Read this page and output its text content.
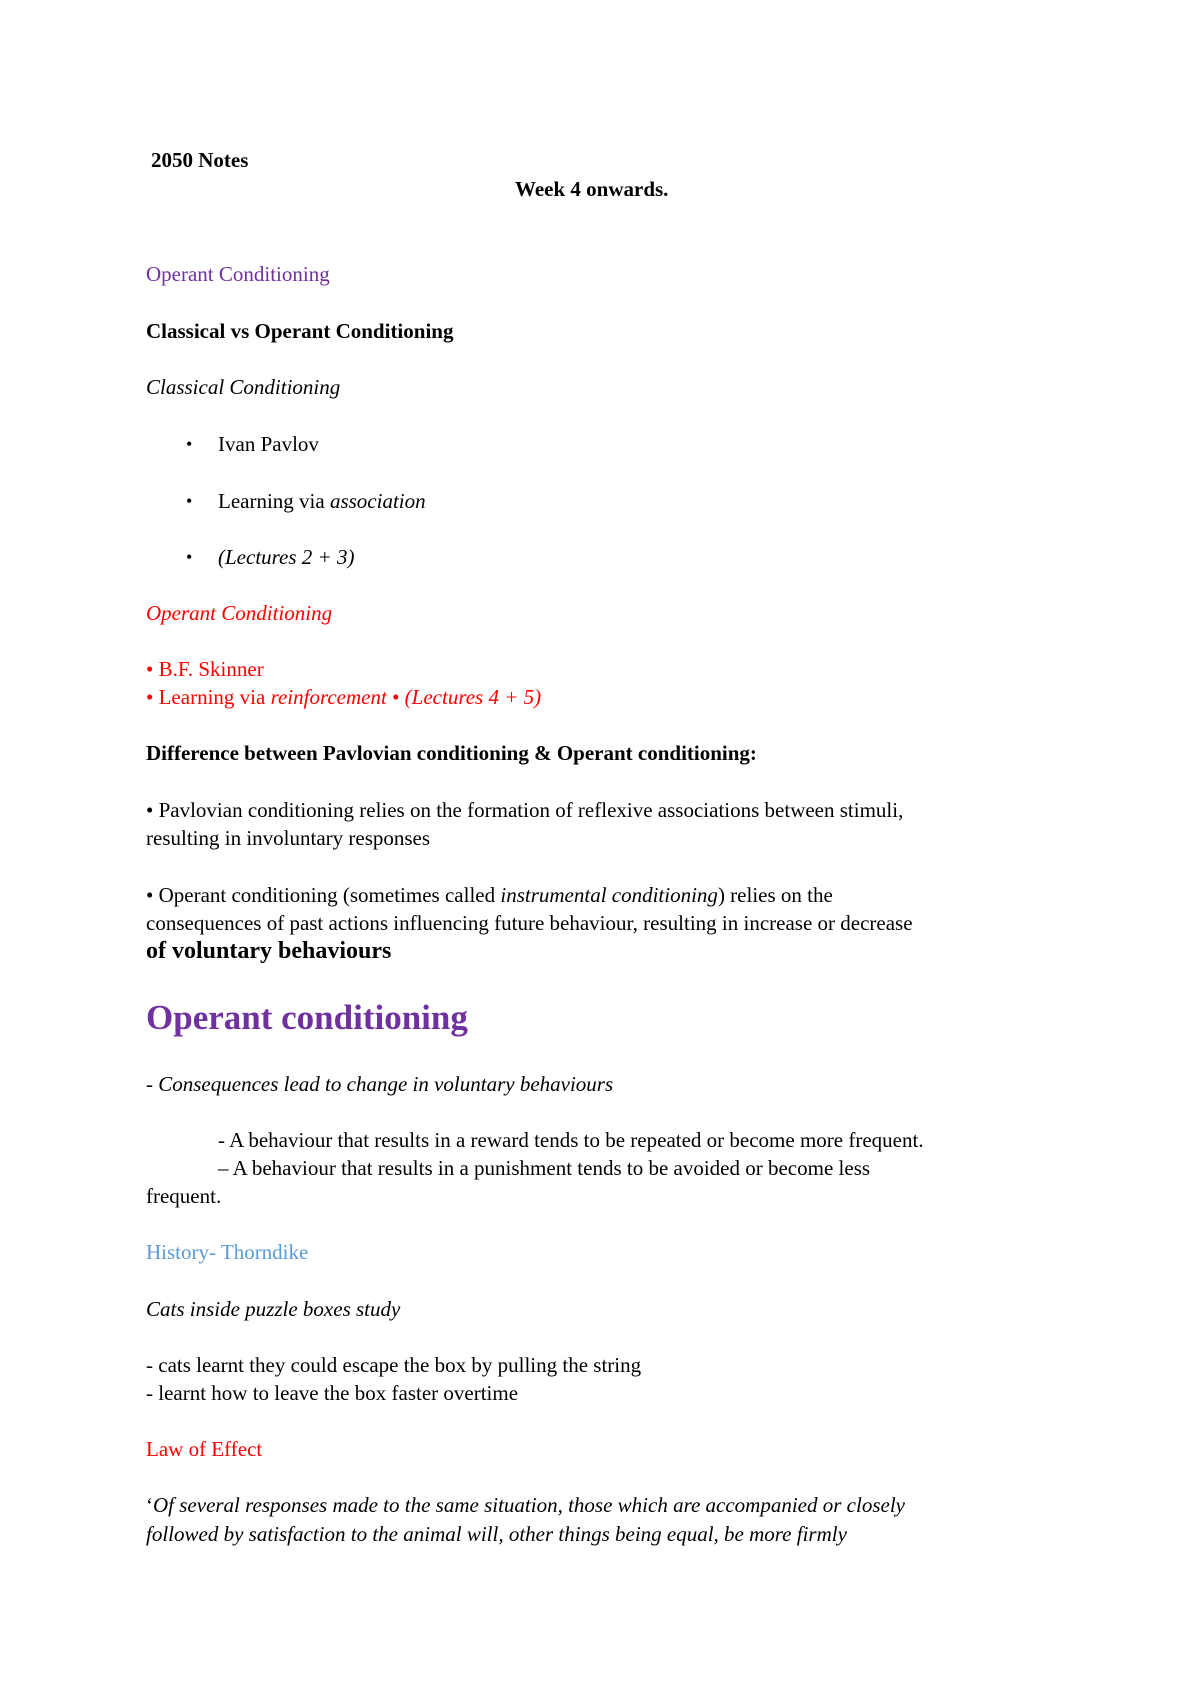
2050 Notes
Week 4 onwards.
Operant Conditioning
Classical vs Operant Conditioning
Classical Conditioning
• Ivan Pavlov
• Learning via association
• (Lectures 2 + 3)
Operant Conditioning
• B.F. Skinner
• Learning via reinforcement • (Lectures 4 + 5)
Difference between Pavlovian conditioning & Operant conditioning:
• Pavlovian conditioning relies on the formation of reflexive associations between stimuli,
resulting in involuntary responses
• Operant conditioning (sometimes called instrumental conditioning) relies on the
consequences of past actions influencing future behaviour, resulting in increase or decrease
of voluntary behaviours
Operant conditioning
- Consequences lead to change in voluntary behaviours
- A behaviour that results in a reward tends to be repeated or become more frequent.
– A behaviour that results in a punishment tends to be avoided or become less
frequent.
History- Thorndike
Cats inside puzzle boxes study
- cats learnt they could escape the box by pulling the string
- learnt how to leave the box faster overtime
Law of Effect
‘Of several responses made to the same situation, those which are accompanied or closely
followed by satisfaction to the animal will, other things being equal, be more firmly
